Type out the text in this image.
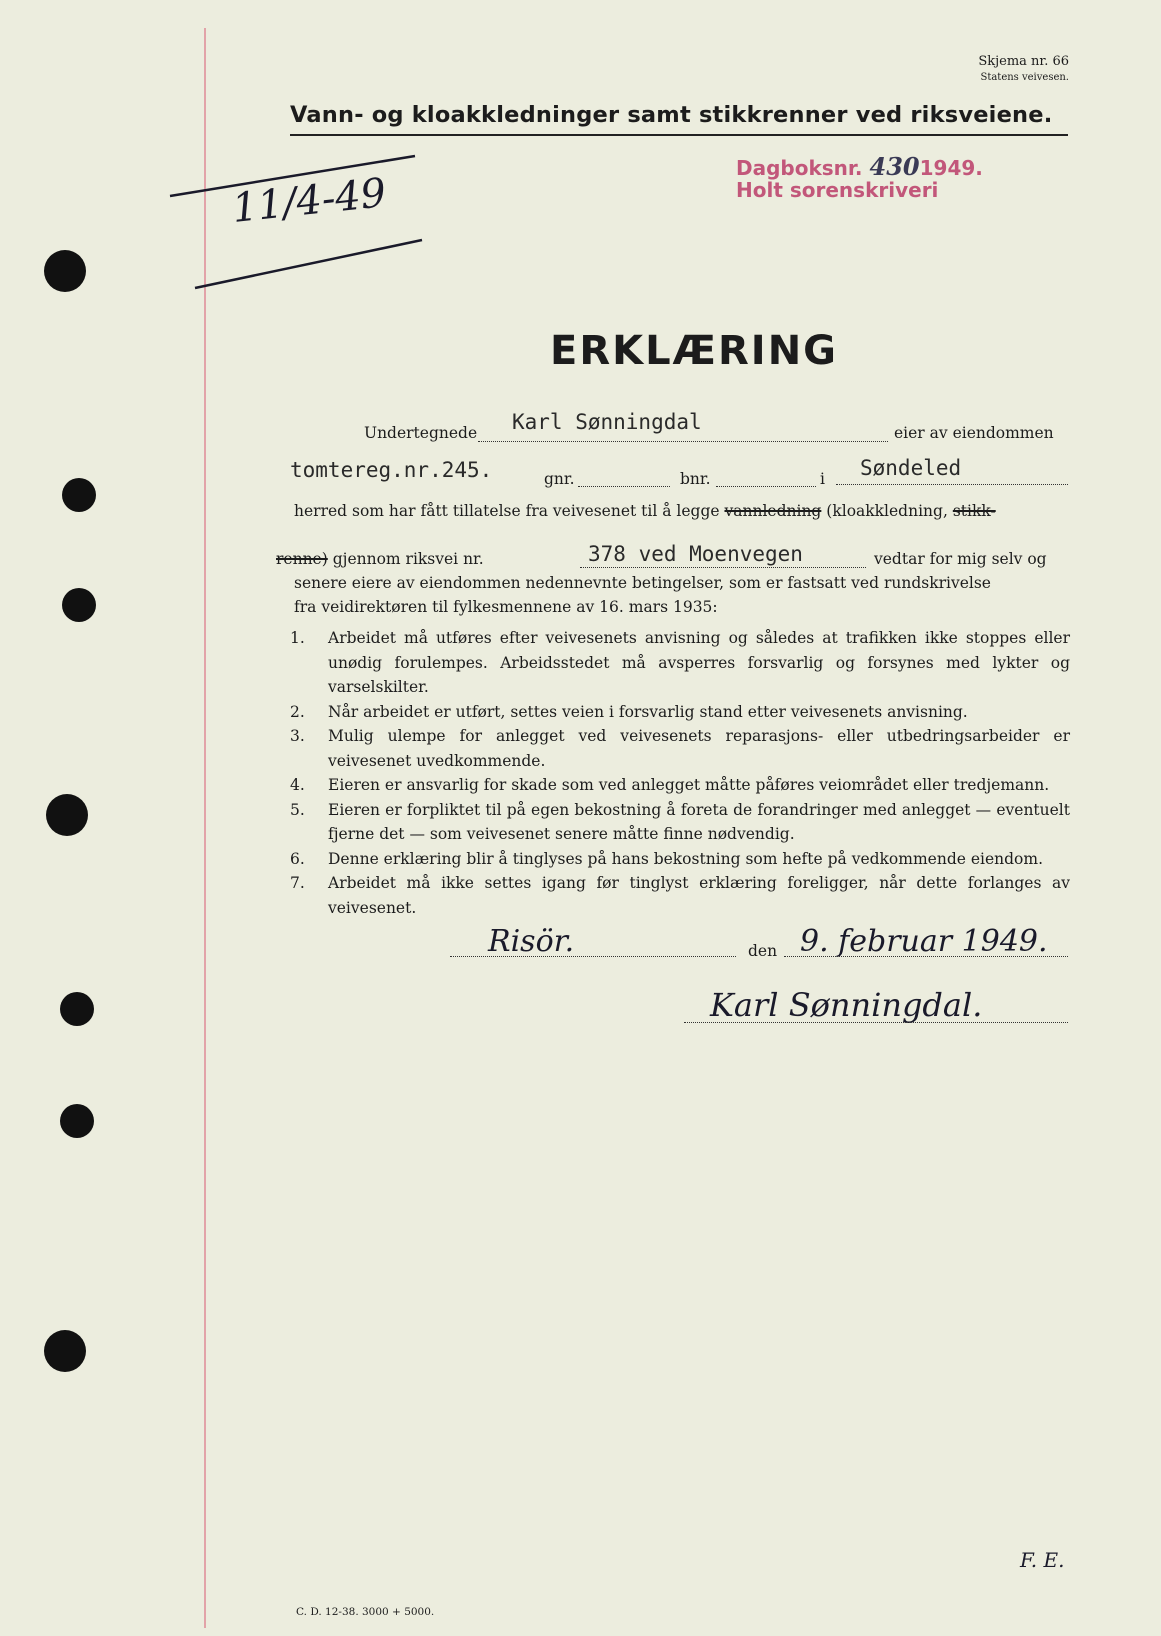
Skjema nr. 66
Statens veivesen.
Vann- og kloakkledninger samt stikkrenner ved riksveiene.
Dagboksnr. 4301949.
Holt sorenskriveri
11/4-49
ERKLÆRING
Undertegnede Karl Sønningdal	eier av eiendommen
tomtereg.nr.245.	gnr.	bnr.	i Søndeled
herred som har fått tillatelse fra veivesenet til å legge vannledning (kloakkledning, stikk-
renne) gjennom riksvei nr.	378 ved Moenvegen	vedtar for mig selv og
senere eiere av eiendommen nedennevnte betingelser, som er fastsatt ved rundskrivelse
fra veidirektøren til fylkesmennene av 16. mars 1935:
1.	Arbeidet må utføres efter veivesenets anvisning og således at trafikken ikke stoppes eller unødig forulempes. Arbeidsstedet må avsperres forsvarlig og forsynes med lykter og varselskilter.
2.	Når arbeidet er utført, settes veien i forsvarlig stand etter veivesenets anvisning.
3.	Mulig ulempe for anlegget ved veivesenets reparasjons- eller utbedringsarbeider er veivesenet uvedkommende.
4.	Eieren er ansvarlig for skade som ved anlegget måtte påføres veiområdet eller tredjemann.
5.	Eieren er forpliktet til på egen bekostning å foreta de forandringer med anlegget — eventuelt fjerne det — som veivesenet senere måtte finne nødvendig.
6.	Denne erklæring blir å tinglyses på hans bekostning som hefte på vedkommende eiendom.
7.	Arbeidet må ikke settes igang før tinglyst erklæring foreligger, når dette forlanges av veivesenet.
Risör.	den 9. februar 1949.
Karl Sønningdal.
F. E.
C. D. 12-38. 3000 + 5000.
